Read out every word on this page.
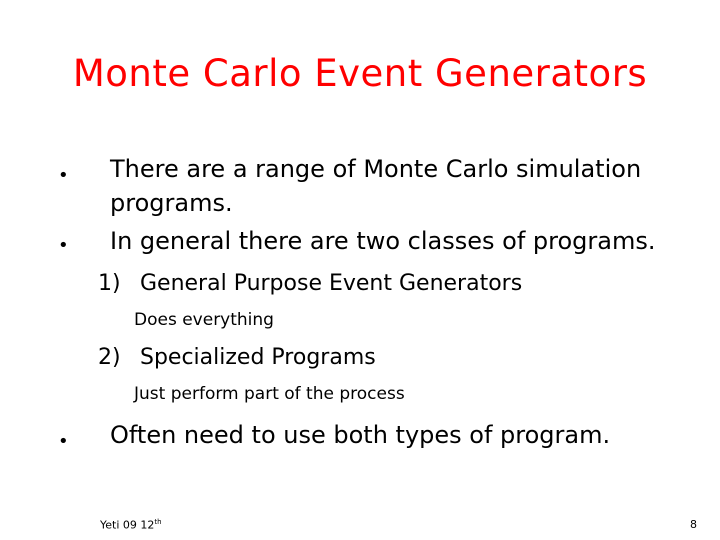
Monte Carlo Event Generators
• There are a range of Monte Carlo simulation
programs.
• In general there are two classes of programs.
1) General Purpose Event Generators
Does everything
2) Specialized Programs
Just perform part of the process
• Often need to use both types of program.
Yeti 09 12th	8
